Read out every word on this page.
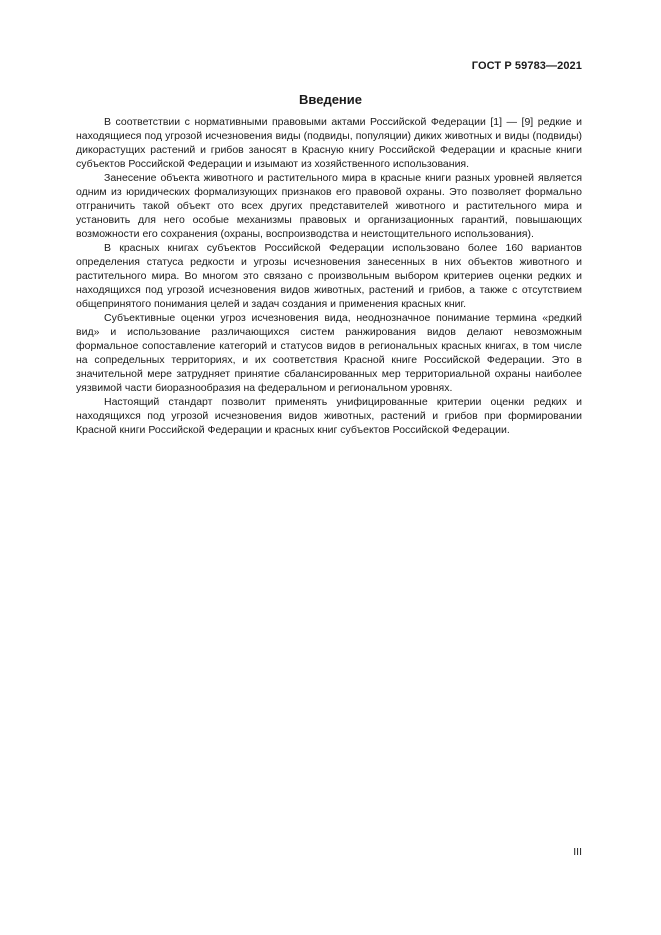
ГОСТ Р 59783—2021
Введение

В соответствии с нормативными правовыми актами Российской Федерации [1] — [9] редкие и находящиеся под угрозой исчезновения виды (подвиды, популяции) диких животных и виды (подвиды) дикорастущих растений и грибов заносят в Красную книгу Российской Федерации и красные книги субъектов Российской Федерации и изымают из хозяйственного использования.

Занесение объекта животного и растительного мира в красные книги разных уровней является одним из юридических формализующих признаков его правовой охраны. Это позволяет формально отграничить такой объект ото всех других представителей животного и растительного мира и установить для него особые механизмы правовых и организационных гарантий, повышающих возможности его сохранения (охраны, воспроизводства и неистощительного использования).

В красных книгах субъектов Российской Федерации использовано более 160 вариантов определения статуса редкости и угрозы исчезновения занесенных в них объектов животного и растительного мира. Во многом это связано с произвольным выбором критериев оценки редких и находящихся под угрозой исчезновения видов животных, растений и грибов, а также с отсутствием общепринятого понимания целей и задач создания и применения красных книг.

Субъективные оценки угроз исчезновения вида, неоднозначное понимание термина «редкий вид» и использование различающихся систем ранжирования видов делают невозможным формальное сопоставление категорий и статусов видов в региональных красных книгах, в том числе на сопредельных территориях, и их соответствия Красной книге Российской Федерации. Это в значительной мере затрудняет принятие сбалансированных мер территориальной охраны наиболее уязвимой части биоразнообразия на федеральном и региональном уровнях.

Настоящий стандарт позволит применять унифицированные критерии оценки редких и находящихся под угрозой исчезновения видов животных, растений и грибов при формировании Красной книги Российской Федерации и красных книг субъектов Российской Федерации.

III
